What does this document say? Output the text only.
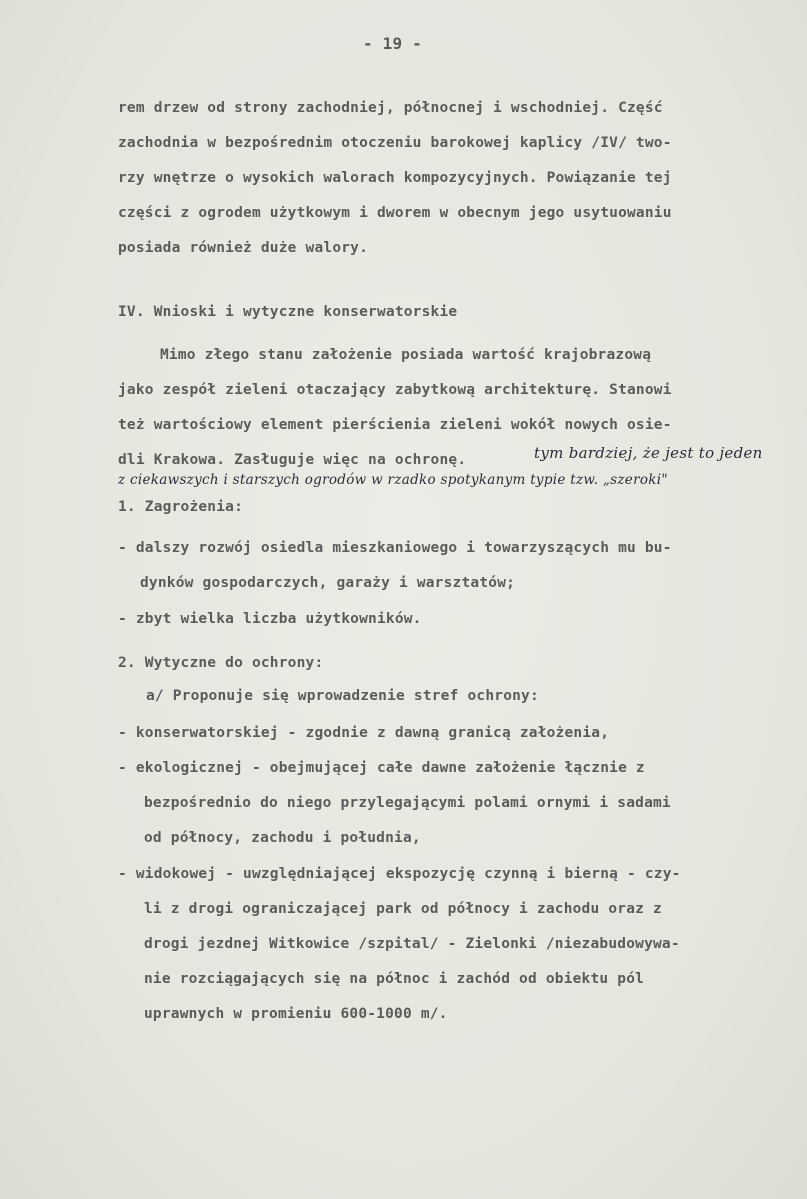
- 19 -
rem drzew od strony zachodniej, północnej i wschodniej. Część
zachodnia w bezpośrednim otoczeniu barokowej kaplicy /IV/ two-
rzy wnętrze o wysokich walorach kompozycyjnych. Powiązanie tej
części z ogrodem użytkowym i dworem w obecnym jego usytuowaniu
posiada również duże walory.
IV. Wnioski i wytyczne konserwatorskie
Mimo złego stanu założenie posiada wartość krajobrazową
jako zespół zieleni otaczający zabytkową architekturę. Stanowi
też wartościowy element pierścienia zieleni wokół nowych osie-
dli Krakowa. Zasługuje więc na ochronę.	tym bardziej, że jest to jeden
z ciekawszych i starszych ogrodów w rzadko spotykanym typie tzw. „szeroki"
1. Zagrożenia:
- dalszy rozwój osiedla mieszkaniowego i towarzyszących mu bu-
dynków gospodarczych, garaży i warsztatów;
- zbyt wielka liczba użytkowników.
2. Wytyczne do ochrony:
a/ Proponuje się wprowadzenie stref ochrony:
- konserwatorskiej - zgodnie z dawną granicą założenia,
- ekologicznej - obejmującej całe dawne założenie łącznie z
bezpośrednio do niego przylegającymi polami ornymi i sadami
od północy, zachodu i południa,
- widokowej - uwzględniającej ekspozycję czynną i bierną - czy-
li z drogi ograniczającej park od północy i zachodu oraz z
drogi jezdnej Witkowice /szpital/ - Zielonki /niezabudowywa-
nie rozciągających się na północ i zachód od obiektu pól
uprawnych w promieniu 600-1000 m/.
